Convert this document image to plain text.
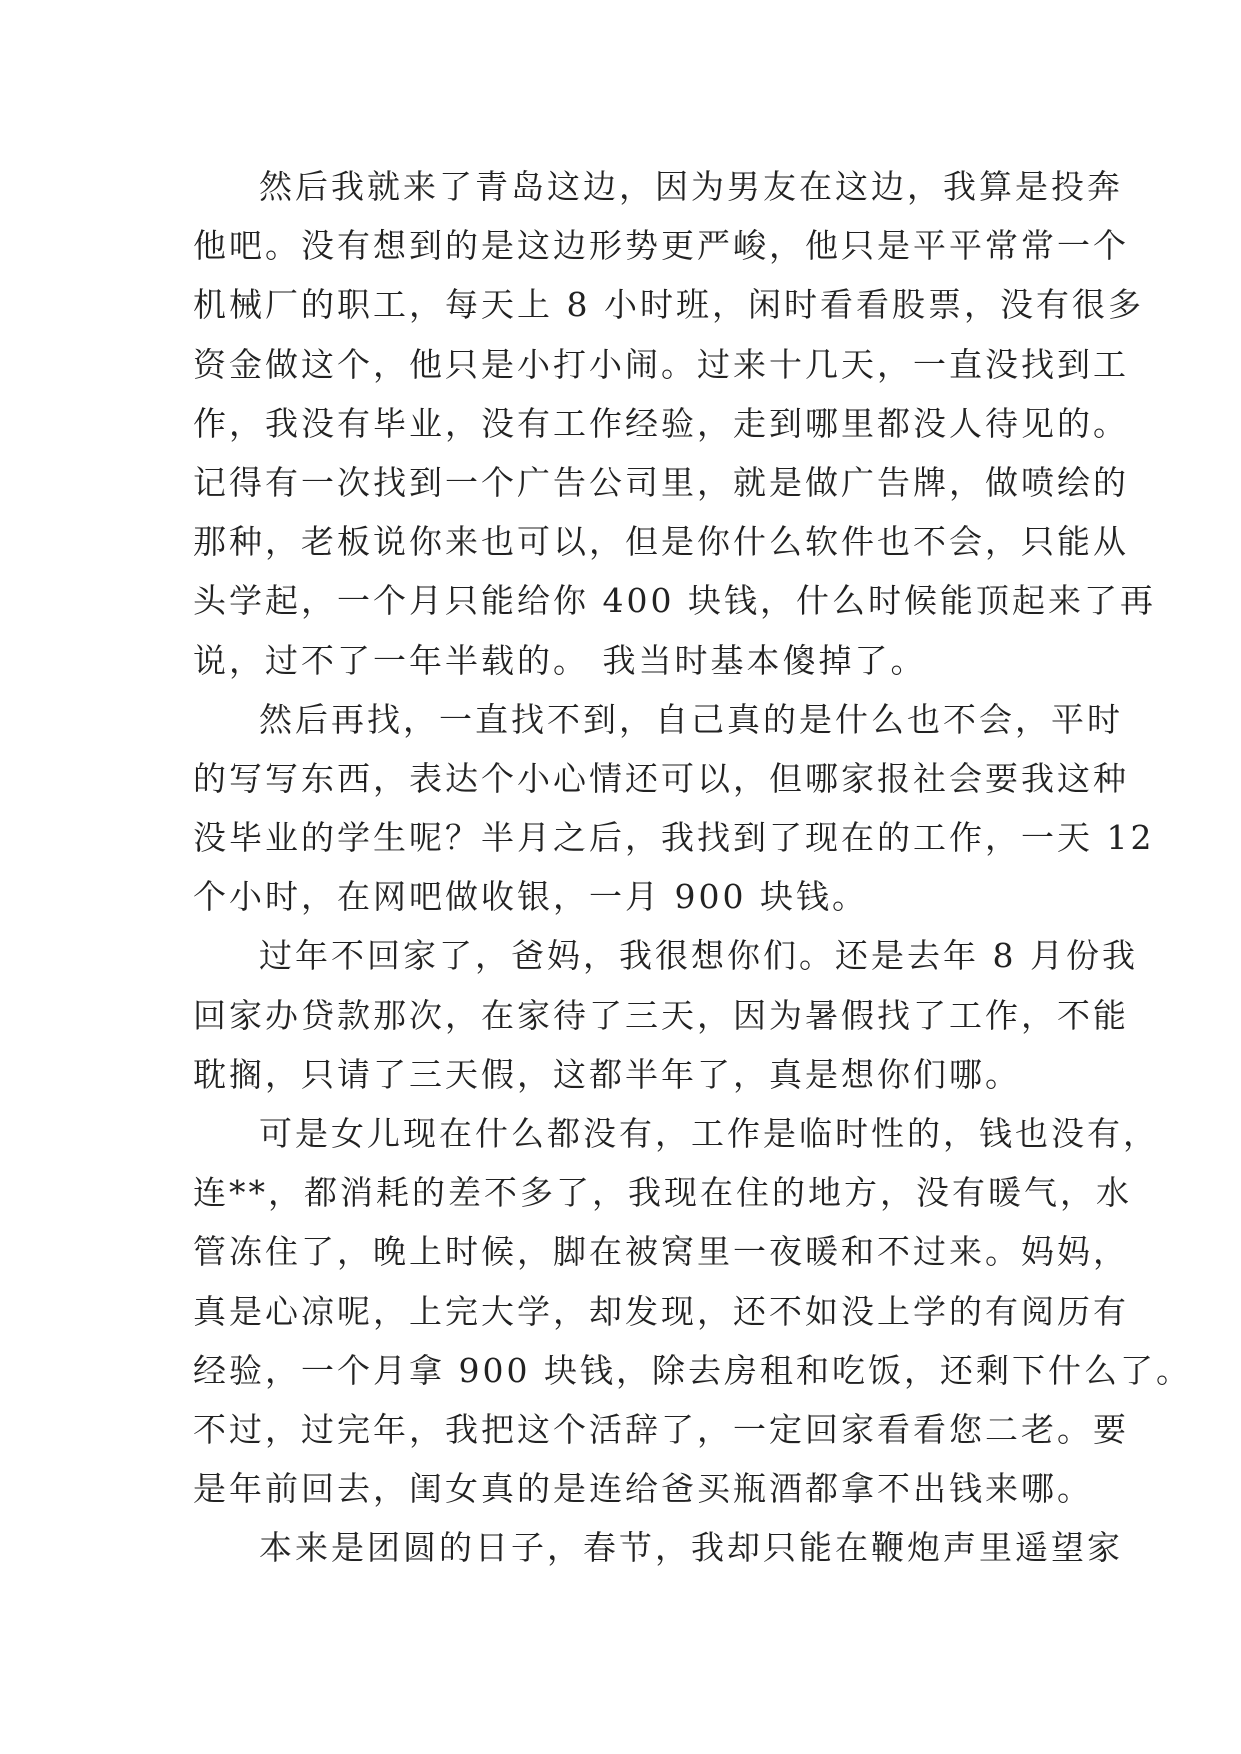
然后我就来了青岛这边，因为男友在这边，我算是投奔
他吧。没有想到的是这边形势更严峻，他只是平平常常一个
机械厂的职工，每天上 8 小时班，闲时看看股票，没有很多
资金做这个，他只是小打小闹。过来十几天，一直没找到工
作，我没有毕业，没有工作经验，走到哪里都没人待见的。
记得有一次找到一个广告公司里，就是做广告牌，做喷绘的
那种，老板说你来也可以，但是你什么软件也不会，只能从
头学起，一个月只能给你 400 块钱，什么时候能顶起来了再
说，过不了一年半载的。 我当时基本傻掉了。
然后再找，一直找不到，自己真的是什么也不会，平时
的写写东西，表达个小心情还可以，但哪家报社会要我这种
没毕业的学生呢？半月之后，我找到了现在的工作，一天 12
个小时，在网吧做收银，一月 900 块钱。
过年不回家了，爸妈，我很想你们。还是去年 8 月份我
回家办贷款那次，在家待了三天，因为暑假找了工作，不能
耽搁，只请了三天假，这都半年了，真是想你们哪。
可是女儿现在什么都没有，工作是临时性的，钱也没有，
连**，都消耗的差不多了，我现在住的地方，没有暖气，水
管冻住了，晚上时候，脚在被窝里一夜暖和不过来。妈妈，
真是心凉呢，上完大学，却发现，还不如没上学的有阅历有
经验，一个月拿 900 块钱，除去房租和吃饭，还剩下什么了。
不过，过完年，我把这个活辞了，一定回家看看您二老。要
是年前回去，闺女真的是连给爸买瓶酒都拿不出钱来哪。
本来是团圆的日子，春节，我却只能在鞭炮声里遥望家
